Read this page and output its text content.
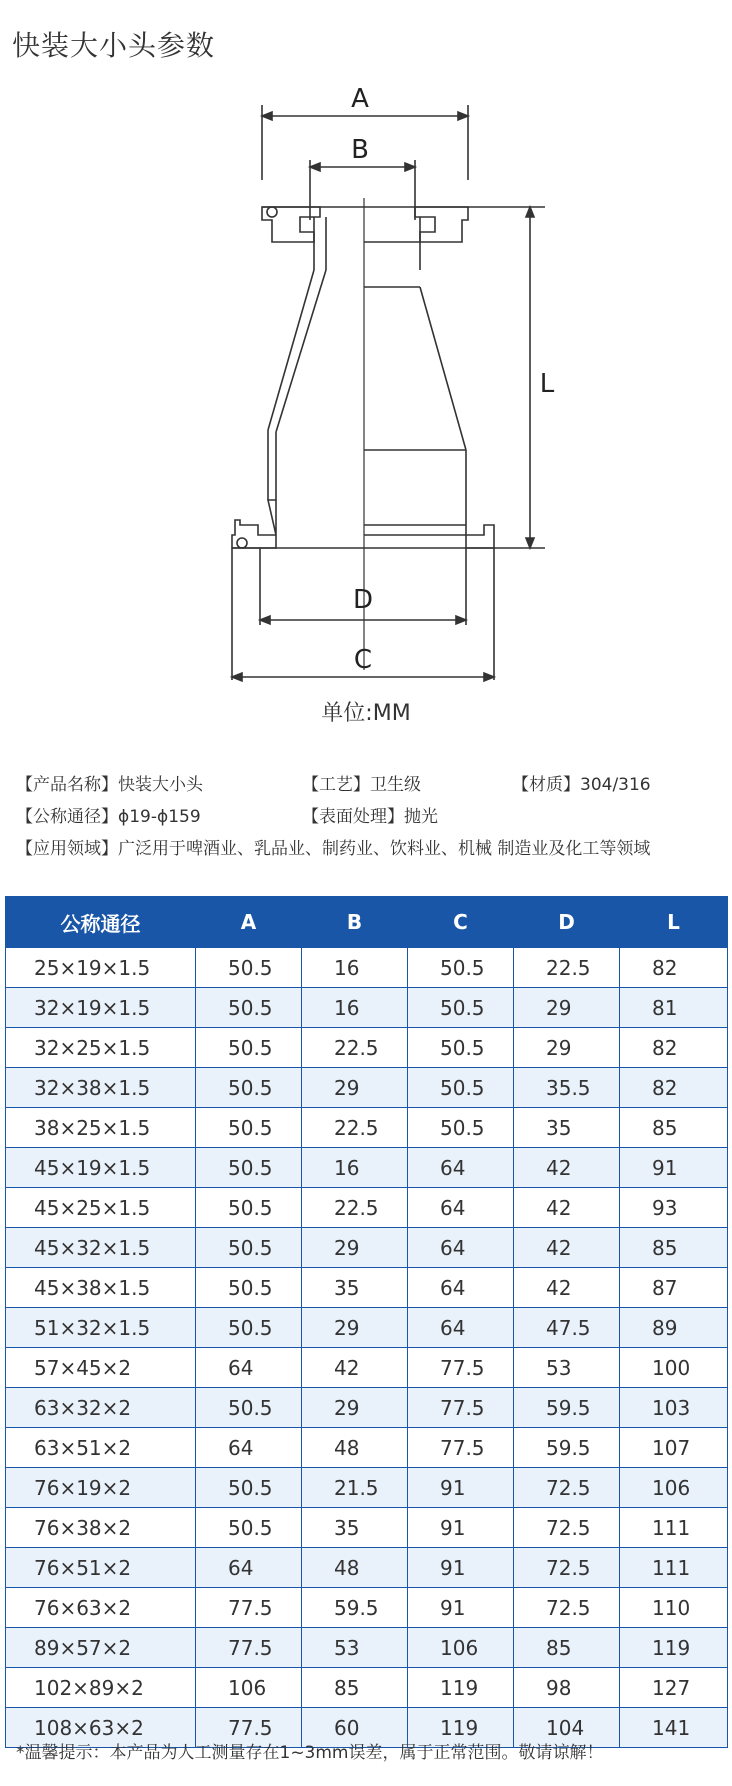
快装大小头参数
A
B
L
D
C
单位:MM
【产品名称】快装大小头	【工艺】卫生级	【材质】304/316
【公称通径】ϕ19-ϕ159	【表面处理】抛光
【应用领域】广泛用于啤酒业、乳品业、制药业、饮料业、机械 制造业及化工等领域
公称通径	A	B	C	D	L
25×19×1.5	50.5	16	50.5	22.5	82
32×19×1.5	50.5	16	50.5	29	81
32×25×1.5	50.5	22.5	50.5	29	82
32×38×1.5	50.5	29	50.5	35.5	82
38×25×1.5	50.5	22.5	50.5	35	85
45×19×1.5	50.5	16	64	42	91
45×25×1.5	50.5	22.5	64	42	93
45×32×1.5	50.5	29	64	42	85
45×38×1.5	50.5	35	64	42	87
51×32×1.5	50.5	29	64	47.5	89
57×45×2	64	42	77.5	53	100
63×32×2	50.5	29	77.5	59.5	103
63×51×2	64	48	77.5	59.5	107
76×19×2	50.5	21.5	91	72.5	106
76×38×2	50.5	35	91	72.5	111
76×51×2	64	48	91	72.5	111
76×63×2	77.5	59.5	91	72.5	110
89×57×2	77.5	53	106	85	119
102×89×2	106	85	119	98	127
108×63×2	77.5	60	119	104	141
*温馨提示：本产品为人工测量存在1~3mm误差，属于正常范围。敬请谅解！
